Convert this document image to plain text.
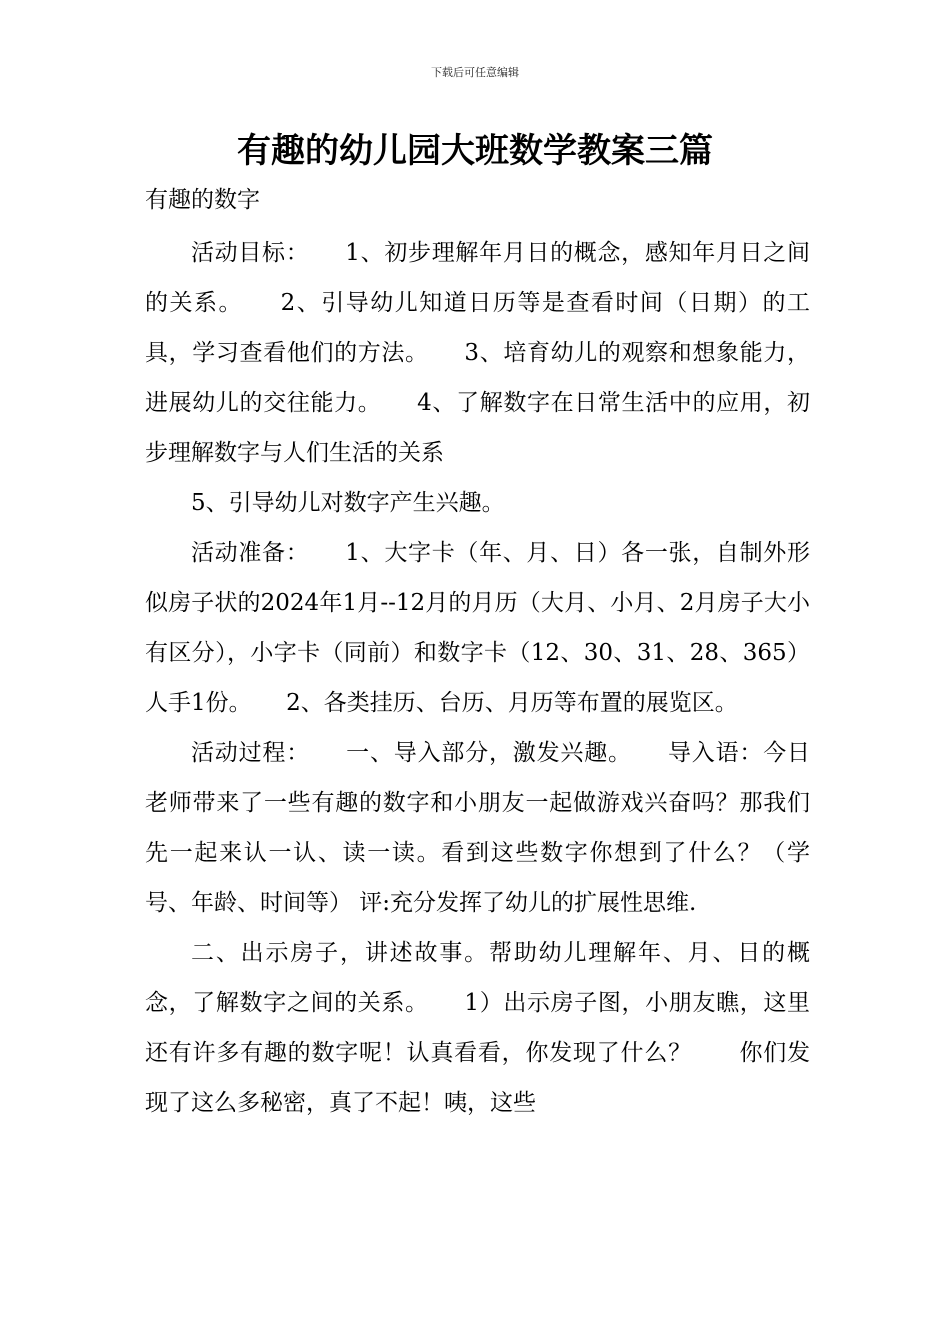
下载后可任意编辑
有趣的幼儿园大班数学教案三篇
有趣的数字

活动目标：　　1、初步理解年月日的概念，感知年月日之间的关系。　　2、引导幼儿知道日历等是查看时间（日期）的工具，学习查看他们的方法。　　3、培育幼儿的观察和想象能力，进展幼儿的交往能力。　　4、了解数字在日常生活中的应用，初步理解数字与人们生活的关系

5、引导幼儿对数字产生兴趣。

活动准备：　　1、大字卡（年、月、日）各一张，自制外形似房子状的2024年1月--12月的月历（大月、小月、2月房子大小有区分），小字卡（同前）和数字卡（12、30、31、28、365）人手1份。　　2、各类挂历、台历、月历等布置的展览区。

活动过程：　　一、导入部分，激发兴趣。　　导入语：今日老师带来了一些有趣的数字和小朋友一起做游戏兴奋吗？那我们先一起来认一认、读一读。看到这些数字你想到了什么？（学号、年龄、时间等） 评:充分发挥了幼儿的扩展性思维.

二、出示房子，讲述故事。帮助幼儿理解年、月、日的概念，了解数字之间的关系。　　1）出示房子图，小朋友瞧，这里还有许多有趣的数字呢！认真看看，你发现了什么？　　你们发现了这么多秘密，真了不起！咦，这些
